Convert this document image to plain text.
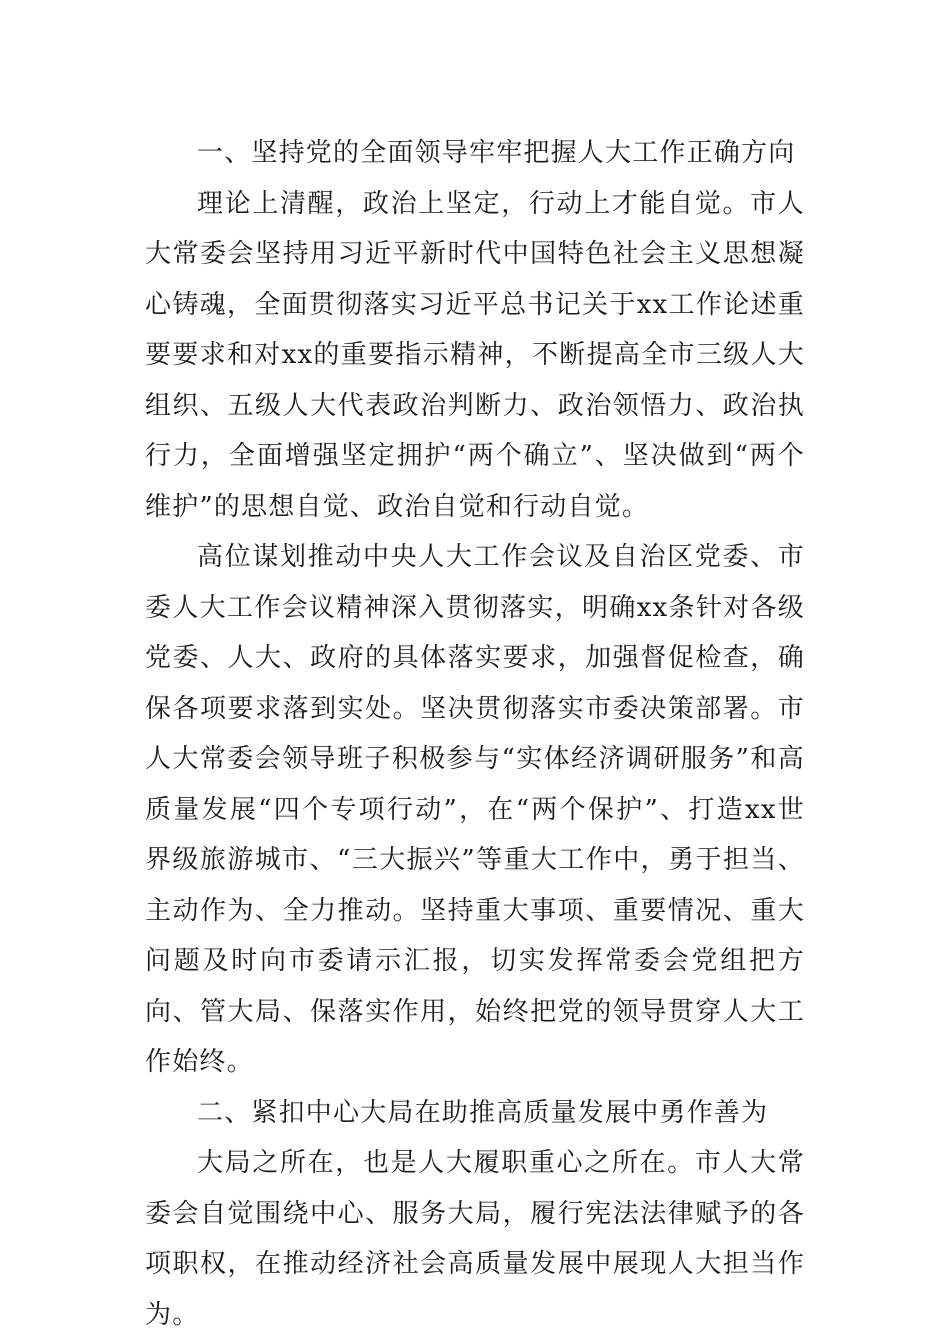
一、坚持党的全面领导牢牢把握人大工作正确方向

理论上清醒，政治上坚定，行动上才能自觉。市人大常委会坚持用习近平新时代中国特色社会主义思想凝心铸魂，全面贯彻落实习近平总书记关于xx工作论述重要要求和对xx的重要指示精神，不断提高全市三级人大组织、五级人大代表政治判断力、政治领悟力、政治执行力，全面增强坚定拥护“两个确立”、坚决做到“两个维护”的思想自觉、政治自觉和行动自觉。

高位谋划推动中央人大工作会议及自治区党委、市委人大工作会议精神深入贯彻落实，明确xx条针对各级党委、人大、政府的具体落实要求，加强督促检查，确保各项要求落到实处。坚决贯彻落实市委决策部署。市人大常委会领导班子积极参与“实体经济调研服务”和高质量发展“四个专项行动”，在“两个保护”、打造xx世界级旅游城市、“三大振兴”等重大工作中，勇于担当、主动作为、全力推动。坚持重大事项、重要情况、重大问题及时向市委请示汇报，切实发挥常委会党组把方向、管大局、保落实作用，始终把党的领导贯穿人大工作始终。

二、紧扣中心大局在助推高质量发展中勇作善为

大局之所在，也是人大履职重心之所在。市人大常委会自觉围绕中心、服务大局，履行宪法法律赋予的各项职权，在推动经济社会高质量发展中展现人大担当作为。
